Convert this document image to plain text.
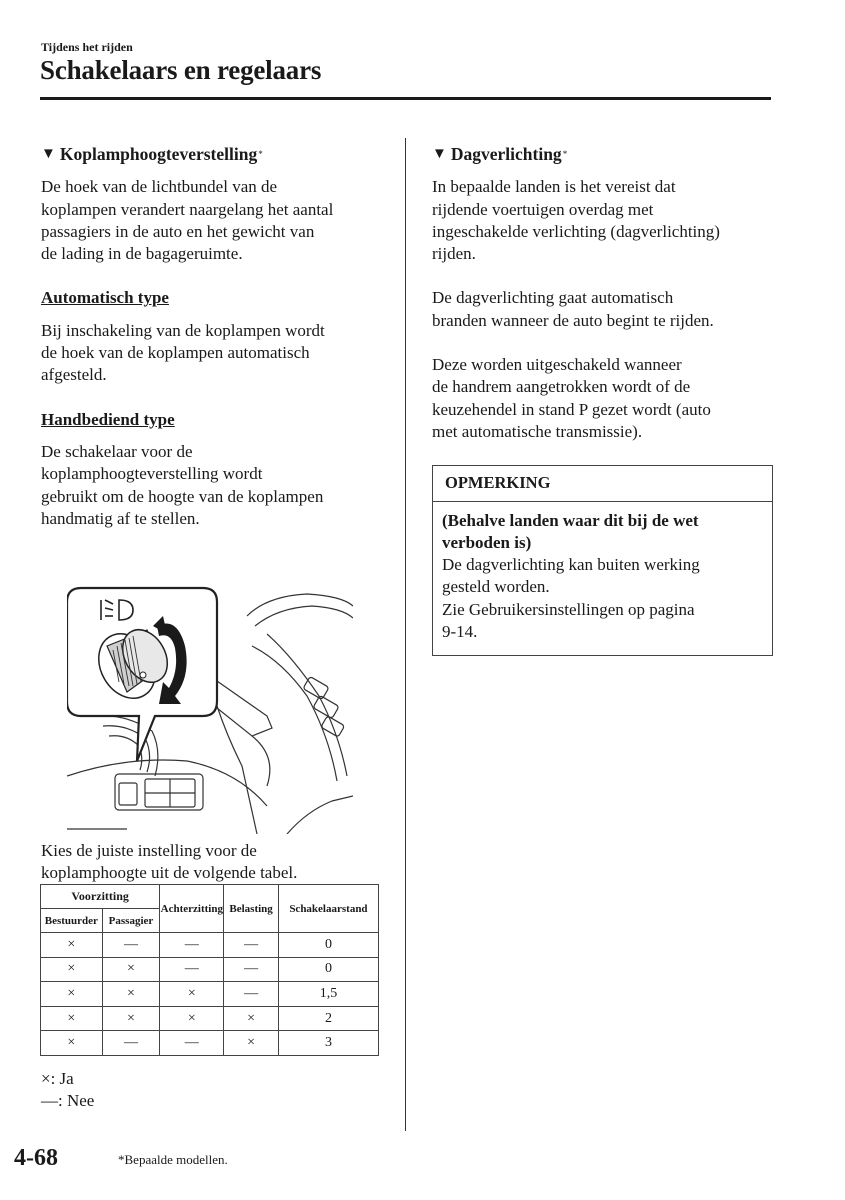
Tijdens het rijden
Schakelaars en regelaars
▼ Koplamphoogteverstelling *

De hoek van de lichtbundel van de
koplampen verandert naargelang het aantal
passagiers in de auto en het gewicht van
de lading in de bagageruimte.

Automatisch type

Bij inschakeling van de koplampen wordt
de hoek van de koplampen automatisch
afgesteld.

Handbediend type

De schakelaar voor de
koplamphoogteverstelling wordt
gebruikt om de hoogte van de koplampen
handmatig af te stellen.

Kies de juiste instelling voor de
koplamphoogte uit de volgende tabel.
Voorzitting		Achterzitting	Belasting	Schakelaarstand
Bestuurder	Passagier			
×	—	—	—	0
×	×	—	—	0
×	×	×	—	1,5
×	×	×	×	2
×	—	—	×	3
×: Ja
—: Nee
▼ Dagverlichting *

In bepaalde landen is het vereist dat
rijdende voertuigen overdag met
ingeschakelde verlichting (dagverlichting)
rijden.

De dagverlichting gaat automatisch
branden wanneer de auto begint te rijden.

Deze worden uitgeschakeld wanneer
de handrem aangetrokken wordt of de
keuzehendel in stand P gezet wordt (auto
met automatische transmissie).

OPMERKING
(Behalve landen waar dit bij de wet
verboden is)

De dagverlichting kan buiten werking
gesteld worden.
Zie Gebruikersinstellingen op pagina
9-14.

4-68	*Bepaalde modellen.
